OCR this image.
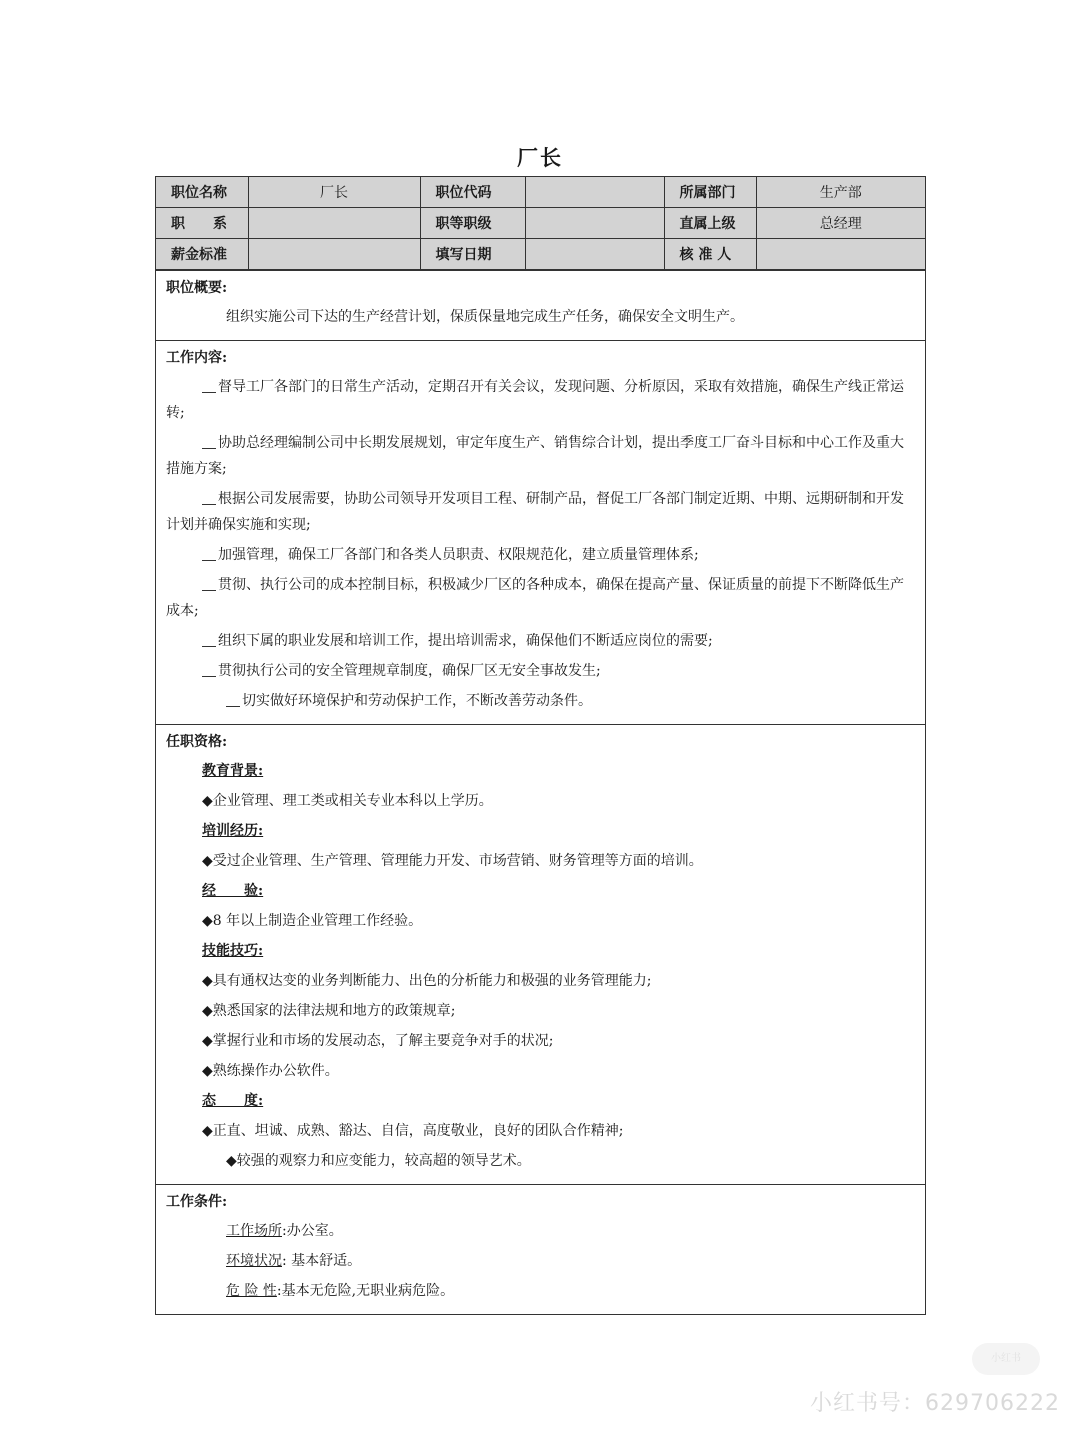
厂长
职位名称	厂长	职位代码		所属部门	生产部
职　　系		职等职级		直属上级	总经理
薪金标准		填写日期		核 准 人	
职位概要:

组织实施公司下达的生产经营计划，保质保量地完成生产任务，确保安全文明生产。

工作内容:

督导工厂各部门的日常生产活动，定期召开有关会议，发现问题、分析原因，采取有效措施，确保生产线正常运转;

协助总经理编制公司中长期发展规划，审定年度生产、销售综合计划，提出季度工厂奋斗目标和中心工作及重大措施方案;

根据公司发展需要，协助公司领导开发项目工程、研制产品，督促工厂各部门制定近期、中期、远期研制和开发计划并确保实施和实现;

加强管理，确保工厂各部门和各类人员职责、权限规范化，建立质量管理体系;

贯彻、执行公司的成本控制目标，积极减少厂区的各种成本，确保在提高产量、保证质量的前提下不断降低生产成本;

组织下属的职业发展和培训工作，提出培训需求，确保他们不断适应岗位的需要;

贯彻执行公司的安全管理规章制度，确保厂区无安全事故发生;

切实做好环境保护和劳动保护工作，不断改善劳动条件。

任职资格:

教育背景:

◆企业管理、理工类或相关专业本科以上学历。

培训经历:

◆受过企业管理、生产管理、管理能力开发、市场营销、财务管理等方面的培训。

经　　验:

◆8 年以上制造企业管理工作经验。

技能技巧:

◆具有通权达变的业务判断能力、出色的分析能力和极强的业务管理能力;

◆熟悉国家的法律法规和地方的政策规章;

◆掌握行业和市场的发展动态，了解主要竞争对手的状况;

◆熟练操作办公软件。

态　　度:

◆正直、坦诚、成熟、豁达、自信，高度敬业，良好的团队合作精神;

◆较强的观察力和应变能力，较高超的领导艺术。

工作条件:

工作场所:办公室。

环境状况: 基本舒适。

危 险 性:基本无危险,无职业病危险。

小红书
小红书号：629706222
